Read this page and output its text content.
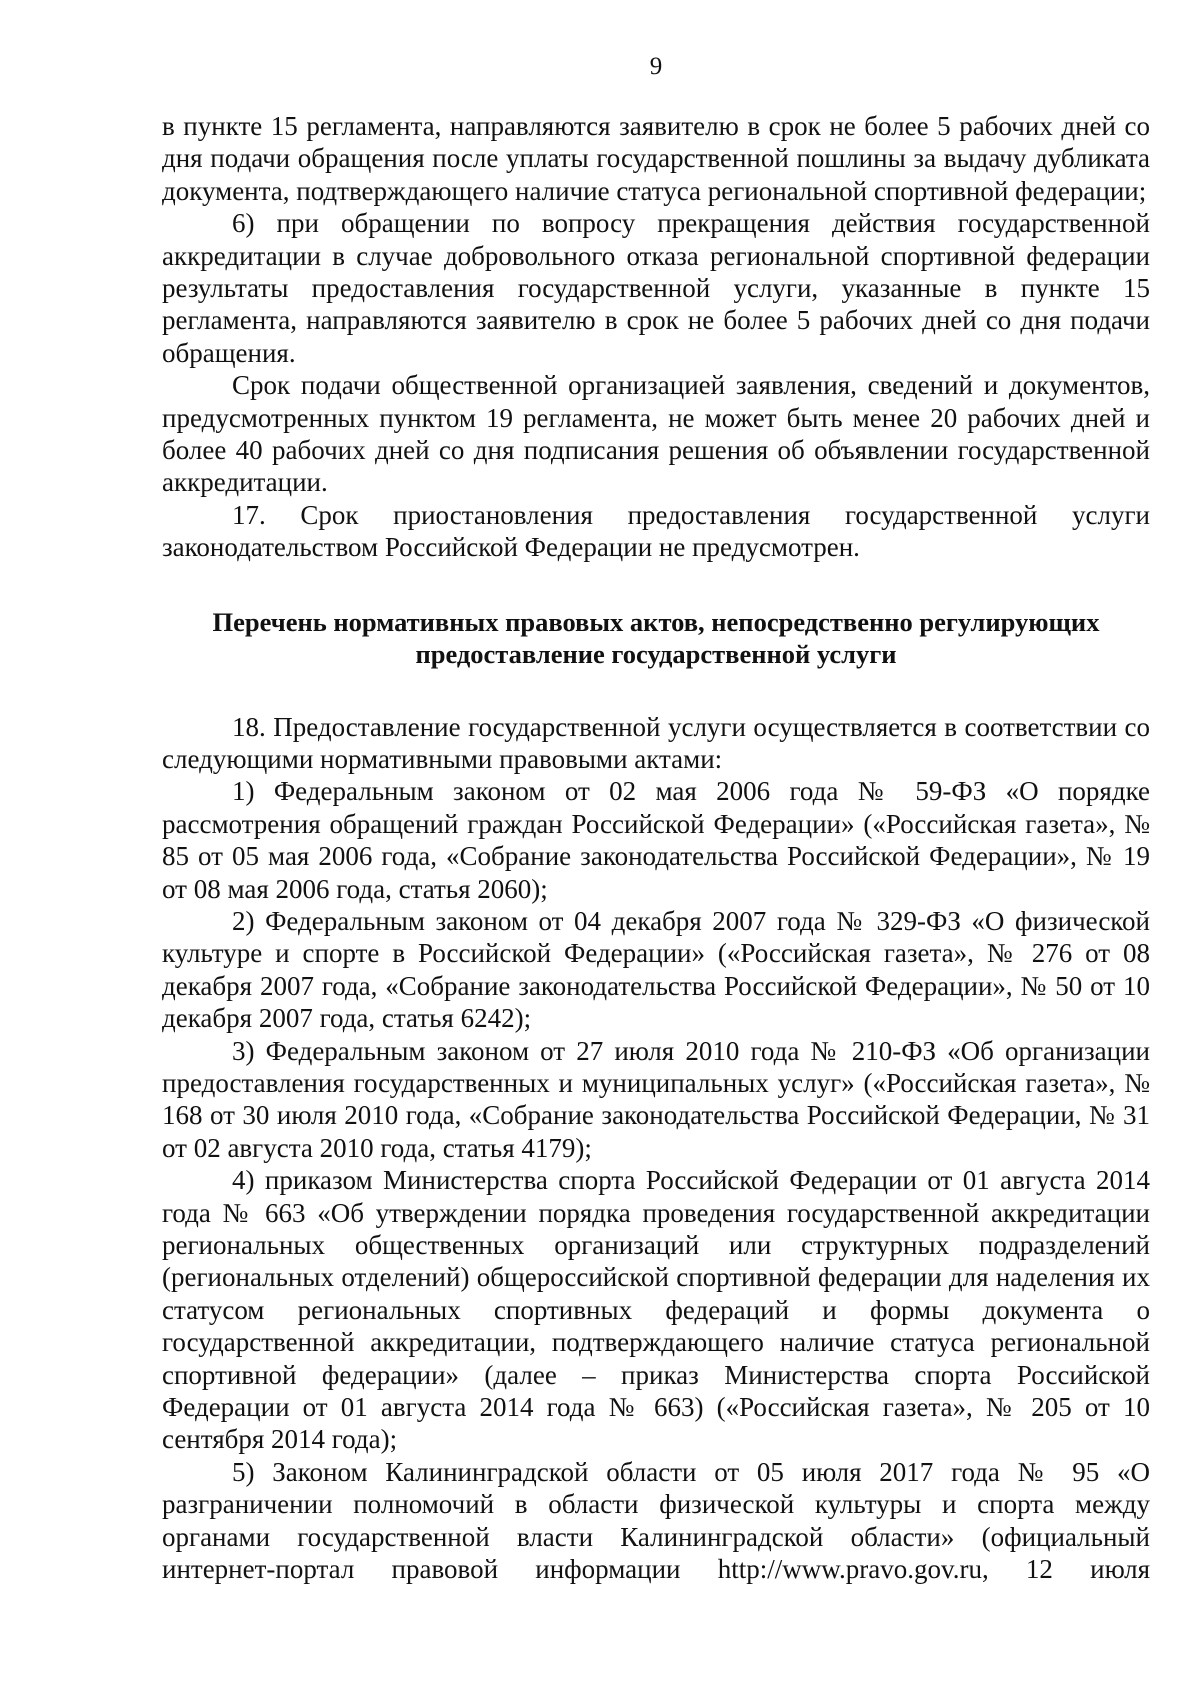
9

в пункте 15 регламента, направляются заявителю в срок не более 5 рабочих дней со дня подачи обращения после уплаты государственной пошлины за выдачу дубликата документа, подтверждающего наличие статуса региональной спортивной федерации;

6) при обращении по вопросу прекращения действия государственной аккредитации в случае добровольного отказа региональной спортивной федерации результаты предоставления государственной услуги, указанные в пункте 15 регламента, направляются заявителю в срок не более 5 рабочих дней со дня подачи обращения.

Срок подачи общественной организацией заявления, сведений и документов, предусмотренных пунктом 19 регламента, не может быть менее 20 рабочих дней и более 40 рабочих дней со дня подписания решения об объявлении государственной аккредитации.

17. Срок приостановления предоставления государственной услуги законодательством Российской Федерации не предусмотрен.

Перечень нормативных правовых актов, непосредственно регулирующих предоставление государственной услуги

18. Предоставление государственной услуги осуществляется в соответствии со следующими нормативными правовыми актами:

1) Федеральным законом от 02 мая 2006 года № 59-ФЗ «О порядке рассмотрения обращений граждан Российской Федерации» («Российская газета», № 85 от 05 мая 2006 года, «Собрание законодательства Российской Федерации», № 19 от 08 мая 2006 года, статья 2060);

2) Федеральным законом от 04 декабря 2007 года № 329-ФЗ «О физической культуре и спорте в Российской Федерации» («Российская газета», № 276 от 08 декабря 2007 года, «Собрание законодательства Российской Федерации», № 50 от 10 декабря 2007 года, статья 6242);

3) Федеральным законом от 27 июля 2010 года № 210-ФЗ «Об организации предоставления государственных и муниципальных услуг» («Российская газета», № 168 от 30 июля 2010 года, «Собрание законодательства Российской Федерации, № 31 от 02 августа 2010 года, статья 4179);

4) приказом Министерства спорта Российской Федерации от 01 августа 2014 года № 663 «Об утверждении порядка проведения государственной аккредитации региональных общественных организаций или структурных подразделений (региональных отделений) общероссийской спортивной федерации для наделения их статусом региональных спортивных федераций и формы документа о государственной аккредитации, подтверждающего наличие статуса региональной спортивной федерации» (далее – приказ Министерства спорта Российской Федерации от 01 августа 2014 года № 663) («Российская газета», № 205 от 10 сентября 2014 года);

5) Законом Калининградской области от 05 июля 2017 года № 95 «О разграничении полномочий в области физической культуры и спорта между органами государственной власти Калининградской области» (официальный интернет-портал правовой информации http://www.pravo.gov.ru, 12 июля
